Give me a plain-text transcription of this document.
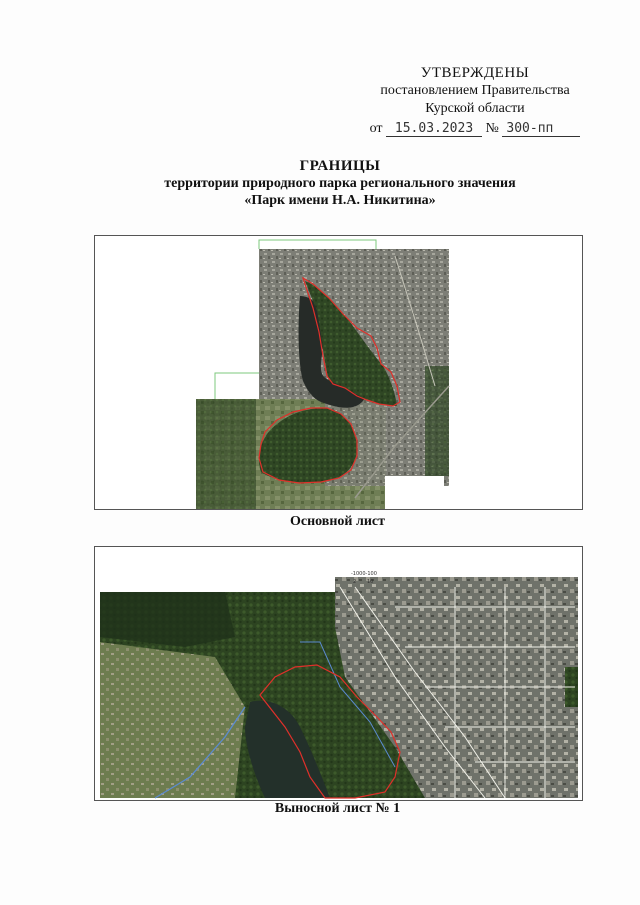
УТВЕРЖДЕНЫ
постановлением Правительства
Курской области
от 15.03.2023 № 300-пп
ГРАНИЦЫ
территории природного парка регионального значения
«Парк имени Н.А. Никитина»
Основной лист
-1000-100
2 10
Выносной лист № 1
